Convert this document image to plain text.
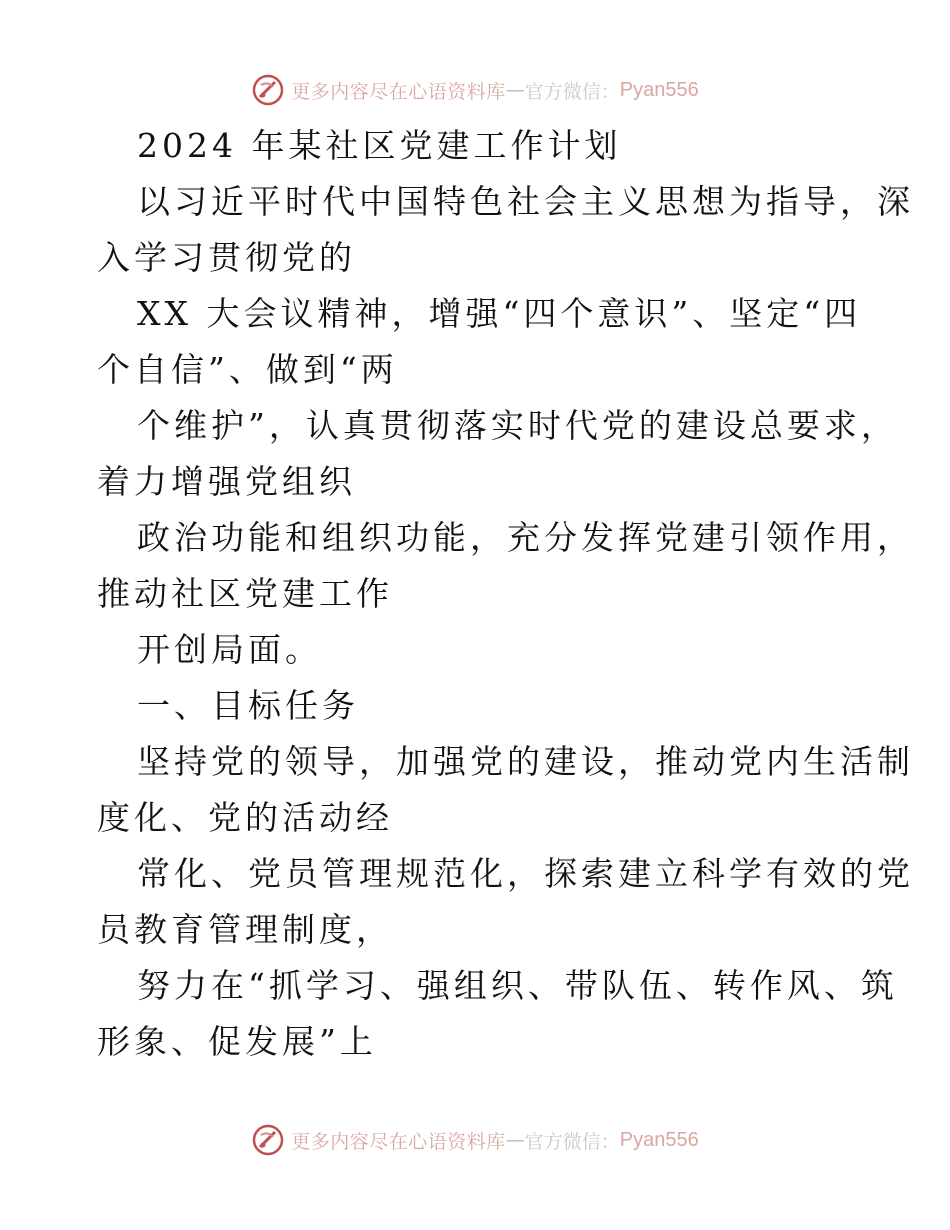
更多内容尽在心语资料库 — 官方微信： Pyan556
2024 年某社区党建工作计划
以习近平时代中国特色社会主义思想为指导，深
入学习贯彻党的
XX 大会议精神，增强“四个意识”、坚定“四
个自信”、做到“两
个维护”，认真贯彻落实时代党的建设总要求，
着力增强党组织
政治功能和组织功能，充分发挥党建引领作用，
推动社区党建工作
开创局面。
一、目标任务
坚持党的领导，加强党的建设，推动党内生活制
度化、党的活动经
常化、党员管理规范化，探索建立科学有效的党
员教育管理制度，
努力在“抓学习、强组织、带队伍、转作风、筑
形象、促发展”上
更多内容尽在心语资料库 — 官方微信： Pyan556
